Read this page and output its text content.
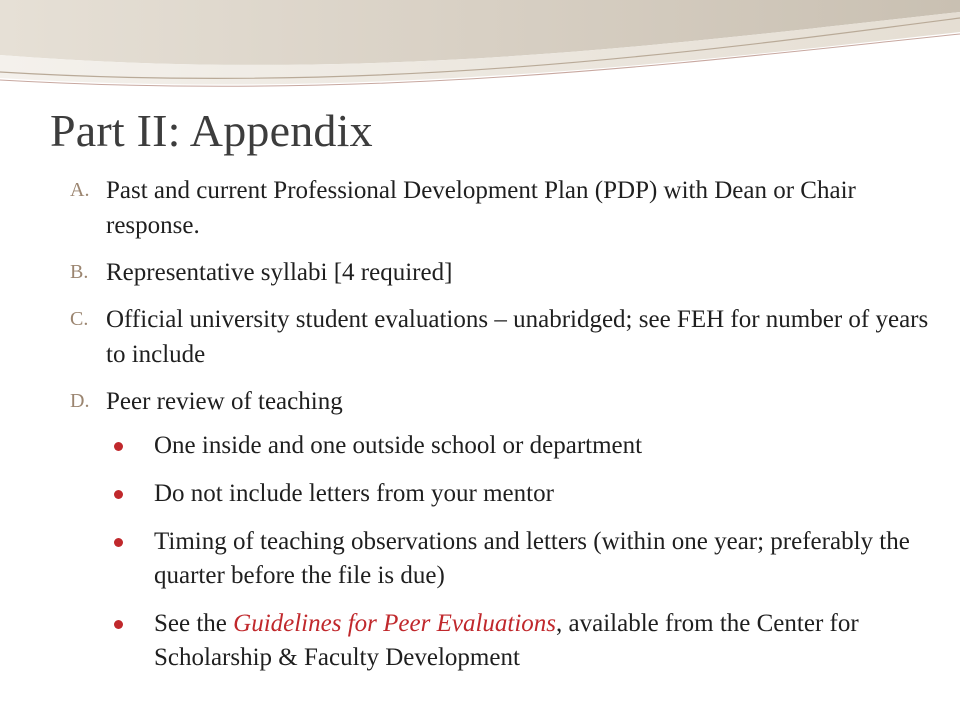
Part II: Appendix
A. Past and current Professional Development Plan (PDP) with Dean or Chair response.
B. Representative syllabi [4 required]
C. Official university student evaluations – unabridged; see FEH for number of years to include
D. Peer review of teaching
One inside and one outside school or department
Do not include letters from your mentor
Timing of teaching observations and letters (within one year; preferably the quarter before the file is due)
See the Guidelines for Peer Evaluations, available from the Center for Scholarship & Faculty Development
